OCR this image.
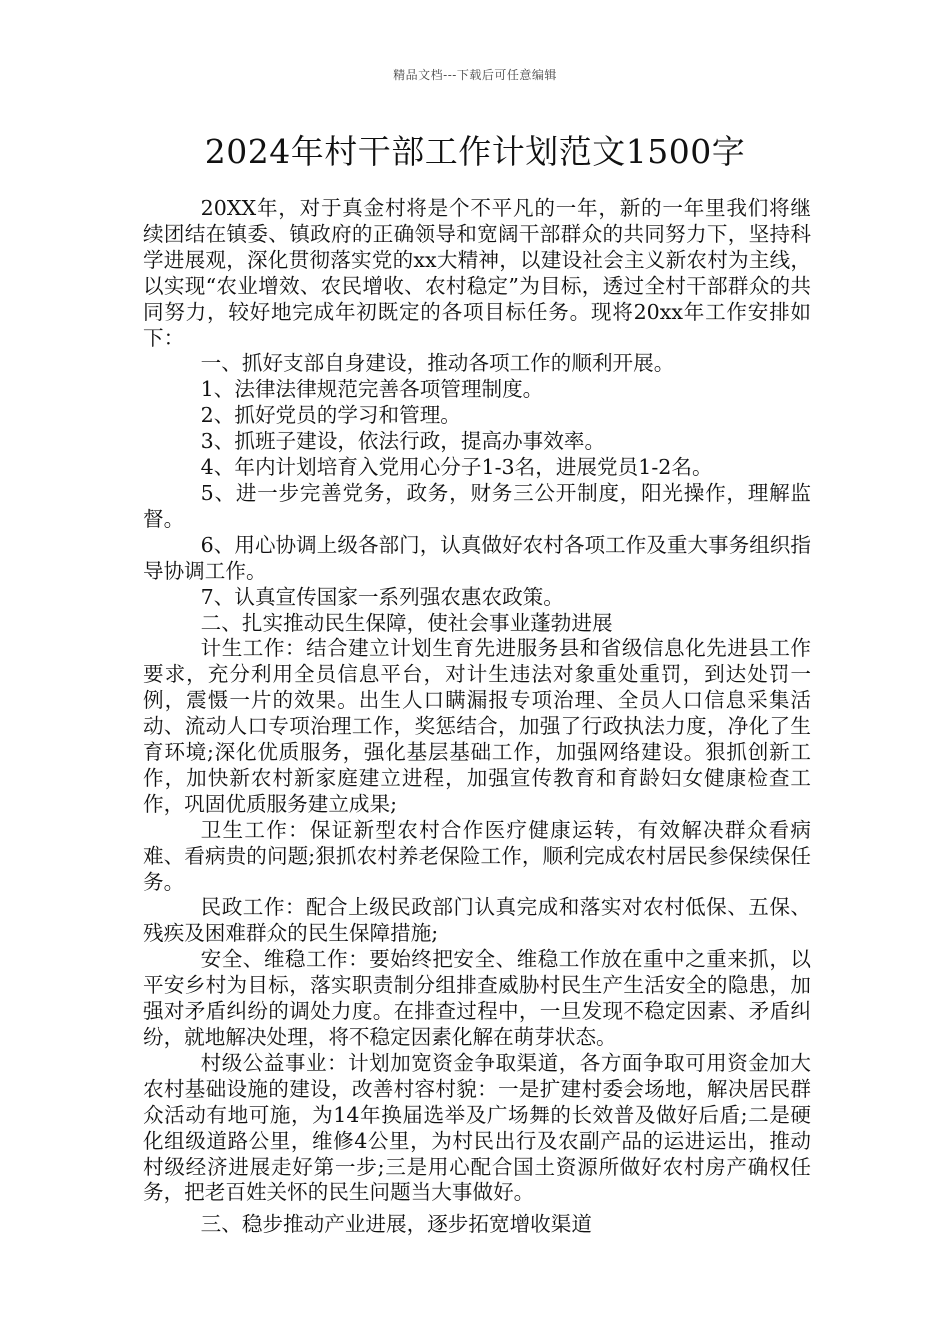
精品文档---下载后可任意编辑
2024年村干部工作计划范文1500字

20XX年，对于真金村将是个不平凡的一年，新的一年里我们将继续团结在镇委、镇政府的正确领导和宽阔干部群众的共同努力下，坚持科学进展观，深化贯彻落实党的xx大精神，以建设社会主义新农村为主线，以实现“农业增效、农民增收、农村稳定”为目标，透过全村干部群众的共同努力，较好地完成年初既定的各项目标任务。现将20xx年工作安排如下：

一、抓好支部自身建设，推动各项工作的顺利开展。

1、法律法律规范完善各项管理制度。

2、抓好党员的学习和管理。

3、抓班子建设，依法行政，提高办事效率。

4、年内计划培育入党用心分子1-3名，进展党员1-2名。

5、进一步完善党务，政务，财务三公开制度，阳光操作，理解监督。

6、用心协调上级各部门，认真做好农村各项工作及重大事务组织指导协调工作。

7、认真宣传国家一系列强农惠农政策。

二、扎实推动民生保障，使社会事业蓬勃进展

计生工作：结合建立计划生育先进服务县和省级信息化先进县工作要求，充分利用全员信息平台，对计生违法对象重处重罚，到达处罚一例，震慑一片的效果。出生人口瞒漏报专项治理、全员人口信息采集活动、流动人口专项治理工作，奖惩结合，加强了行政执法力度，净化了生育环境;深化优质服务，强化基层基础工作，加强网络建设。狠抓创新工作，加快新农村新家庭建立进程，加强宣传教育和育龄妇女健康检查工作，巩固优质服务建立成果;

卫生工作：保证新型农村合作医疗健康运转，有效解决群众看病难、看病贵的问题;狠抓农村养老保险工作，顺利完成农村居民参保续保任务。

民政工作：配合上级民政部门认真完成和落实对农村低保、五保、残疾及困难群众的民生保障措施;

安全、维稳工作：要始终把安全、维稳工作放在重中之重来抓，以平安乡村为目标，落实职责制分组排查威胁村民生产生活安全的隐患，加强对矛盾纠纷的调处力度。在排查过程中，一旦发现不稳定因素、矛盾纠纷，就地解决处理，将不稳定因素化解在萌芽状态。

村级公益事业：计划加宽资金争取渠道，各方面争取可用资金加大农村基础设施的建设，改善村容村貌：一是扩建村委会场地，解决居民群众活动有地可施，为14年换届选举及广场舞的长效普及做好后盾;二是硬化组级道路公里，维修4公里，为村民出行及农副产品的运进运出，推动村级经济进展走好第一步;三是用心配合国土资源所做好农村房产确权任务，把老百姓关怀的民生问题当大事做好。

三、稳步推动产业进展，逐步拓宽增收渠道
